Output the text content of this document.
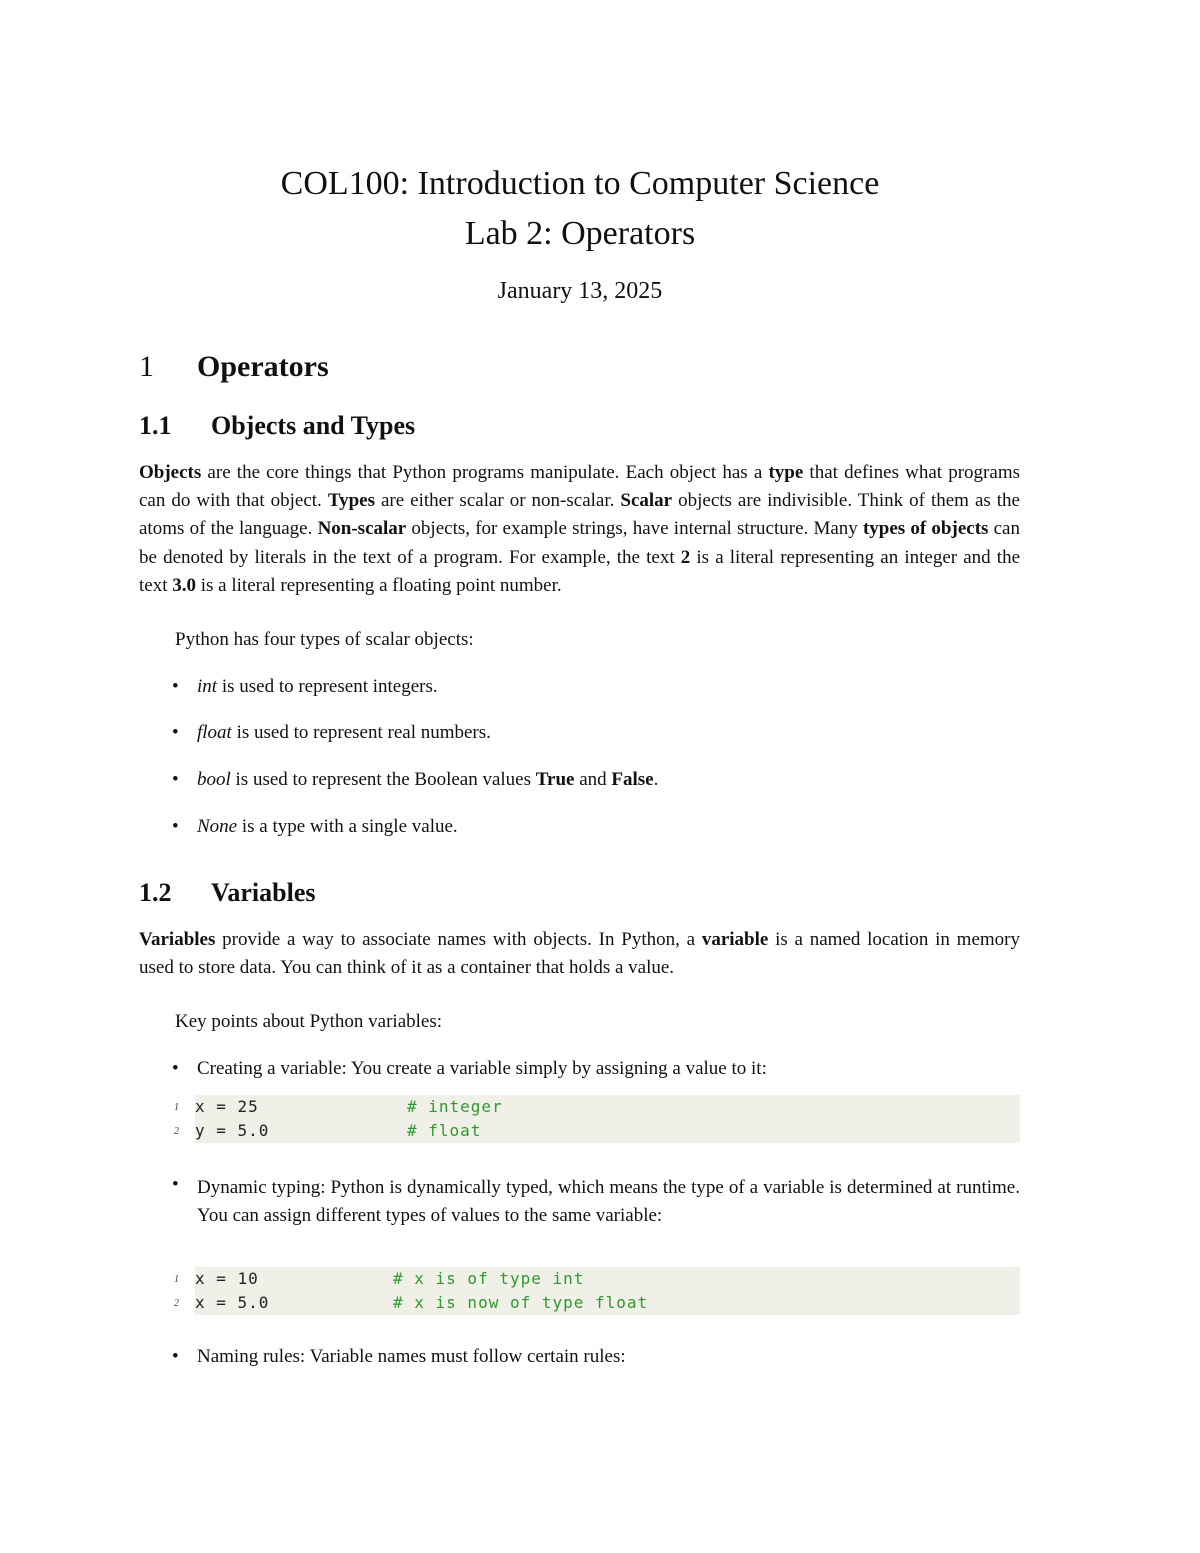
COL100: Introduction to Computer Science
Lab 2: Operators
January 13, 2025
1 Operators
1.1 Objects and Types
Objects are the core things that Python programs manipulate. Each object has a type that defines what programs can do with that object. Types are either scalar or non-scalar. Scalar objects are indivisible. Think of them as the atoms of the language. Non-scalar objects, for example strings, have internal structure. Many types of objects can be denoted by literals in the text of a program. For example, the text 2 is a literal representing an integer and the text 3.0 is a literal representing a floating point number.
Python has four types of scalar objects:
• int is used to represent integers.
• float is used to represent real numbers.
• bool is used to represent the Boolean values True and False.
• None is a type with a single value.
1.2 Variables
Variables provide a way to associate names with objects. In Python, a variable is a named location in memory used to store data. You can think of it as a container that holds a value.
Key points about Python variables:
• Creating a variable: You create a variable simply by assigning a value to it:
1
2
x = 25	# integer
y = 5.0	# float
• Dynamic typing: Python is dynamically typed, which means the type of a variable is determined at runtime. You can assign different types of values to the same variable:
1
2
x = 10	# x is of type int
x = 5.0	# x is now of type float
• Naming rules: Variable names must follow certain rules:
